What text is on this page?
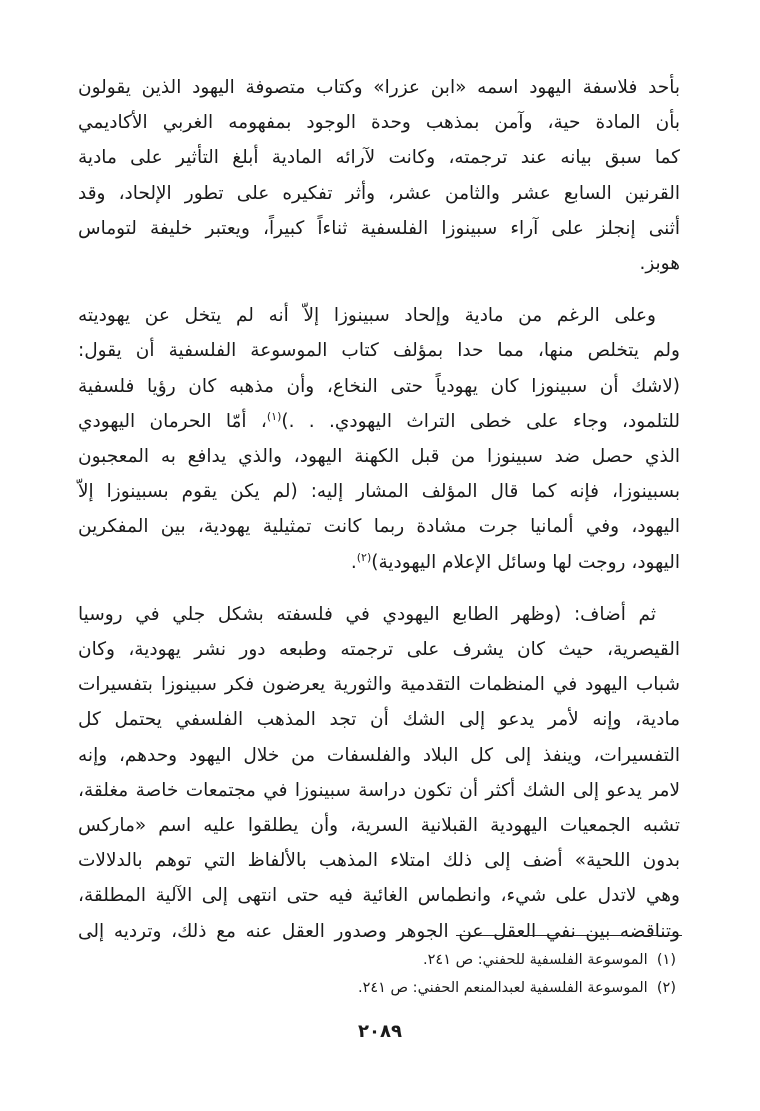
بأحد فلاسفة اليهود اسمه «ابن عزرا» وكتاب متصوفة اليهود الذين يقولون
بأن المادة حية، وآمن بمذهب وحدة الوجود بمفهومه الغربي الأكاديمي
كما سبق بيانه عند ترجمته، وكانت لآرائه المادية أبلغ التأثير على مادية
القرنين السابع عشر والثامن عشر، وأثر تفكيره على تطور الإلحاد، وقد
أثنى إنجلز على آراء سبينوزا الفلسفية ثناءاً كبيراً، ويعتبر خليفة لتوماس
هوبز.

وعلى الرغم من مادية وإلحاد سبينوزا إلاّ أنه لم يتخل عن يهوديته
ولم يتخلص منها، مما حدا بمؤلف كتاب الموسوعة الفلسفية أن يقول:
(لاشك أن سبينوزا كان يهودياً حتى النخاع، وأن مذهبه كان رؤيا فلسفية
للتلمود، وجاء على خطى التراث اليهودي. . .)$^{(١)}$، أمّا الحرمان اليهودي
الذي حصل ضد سبينوزا من قبل الكهنة اليهود، والذي يدافع به المعجبون
بسبينوزا، فإنه كما قال المؤلف المشار إليه: (لم يكن يقوم بسبينوزا إلاّ
اليهود، وفي ألمانيا جرت مشادة ربما كانت تمثيلية يهودية، بين المفكرين
اليهود، روجت لها وسائل الإعلام اليهودية)$^{(٢)}$.

ثم أضاف: (وظهر الطابع اليهودي في فلسفته بشكل جلي في روسيا
القيصرية، حيث كان يشرف على ترجمته وطبعه دور نشر يهودية، وكان
شباب اليهود في المنظمات التقدمية والثورية يعرضون فكر سبينوزا بتفسيرات
مادية، وإنه لأمر يدعو إلى الشك أن تجد المذهب الفلسفي يحتمل كل
التفسيرات، وينفذ إلى كل البلاد والفلسفات من خلال اليهود وحدهم، وإنه
لامر يدعو إلى الشك أكثر أن تكون دراسة سبينوزا في مجتمعات خاصة مغلقة،
تشبه الجمعيات اليهودية القبلانية السرية، وأن يطلقوا عليه اسم «ماركس
بدون اللحية» أضف إلى ذلك امتلاء المذهب بالألفاظ التي توهم بالدلالات
وهي لاتدل على شيء، وانطماس الغائية فيه حتى انتهى إلى الآلية المطلقة،
وتناقضه بين نفي العقل عن الجوهر وصدور العقل عنه مع ذلك، وترديه إلى

(١)  الموسوعة الفلسفية للحفني: ص ٢٤١.
(٢)  الموسوعة الفلسفية لعبدالمنعم الحفني: ص ٢٤١.
٢٠٨٩
